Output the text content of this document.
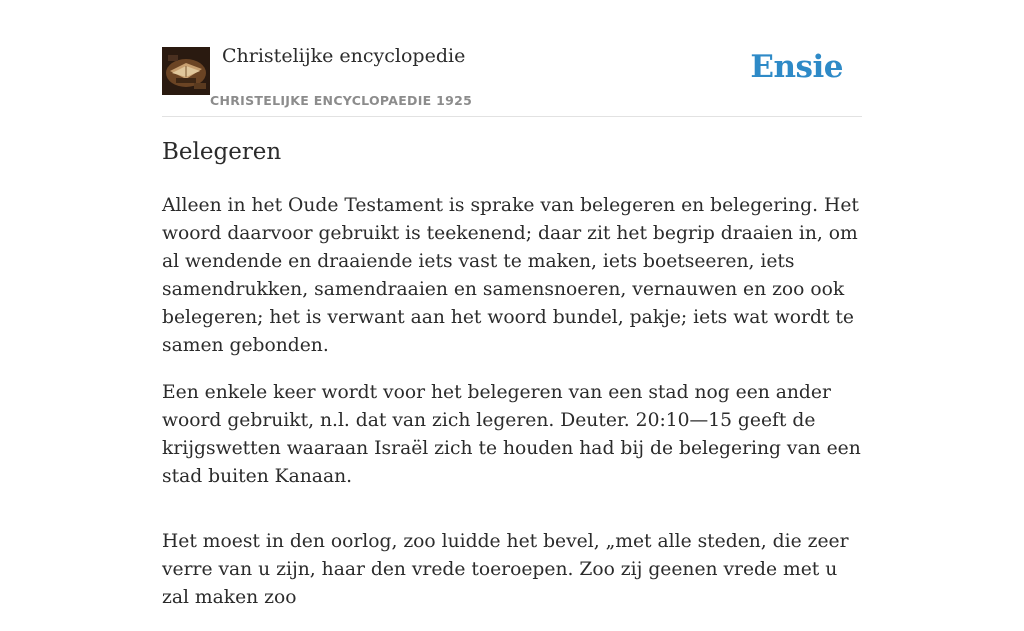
Christelijke encyclopedie
CHRISTELIJKE ENCYCLOPAEDIE 1925
Ensie
Belegeren

Alleen in het Oude Testament is sprake van belegeren en belegering. Het woord daarvoor gebruikt is teekenend; daar zit het begrip draaien in, om al wendende en draaiende iets vast te maken, iets boetseeren, iets samendrukken, samendraaien en samensnoeren, vernauwen en zoo ook belegeren; het is verwant aan het woord bundel, pakje; iets wat wordt te samen gebonden.

Een enkele keer wordt voor het belegeren van een stad nog een ander woord gebruikt, n.l. dat van zich legeren. Deuter. 20:10—15 geeft de krijgswetten waaraan Israël zich te houden had bij de belegering van een stad buiten Kanaan.

Het moest in den oorlog, zoo luidde het bevel, „met alle steden, die zeer verre van u zijn, haar den vrede toeroepen. Zoo zij geenen vrede met u zal maken zoo
